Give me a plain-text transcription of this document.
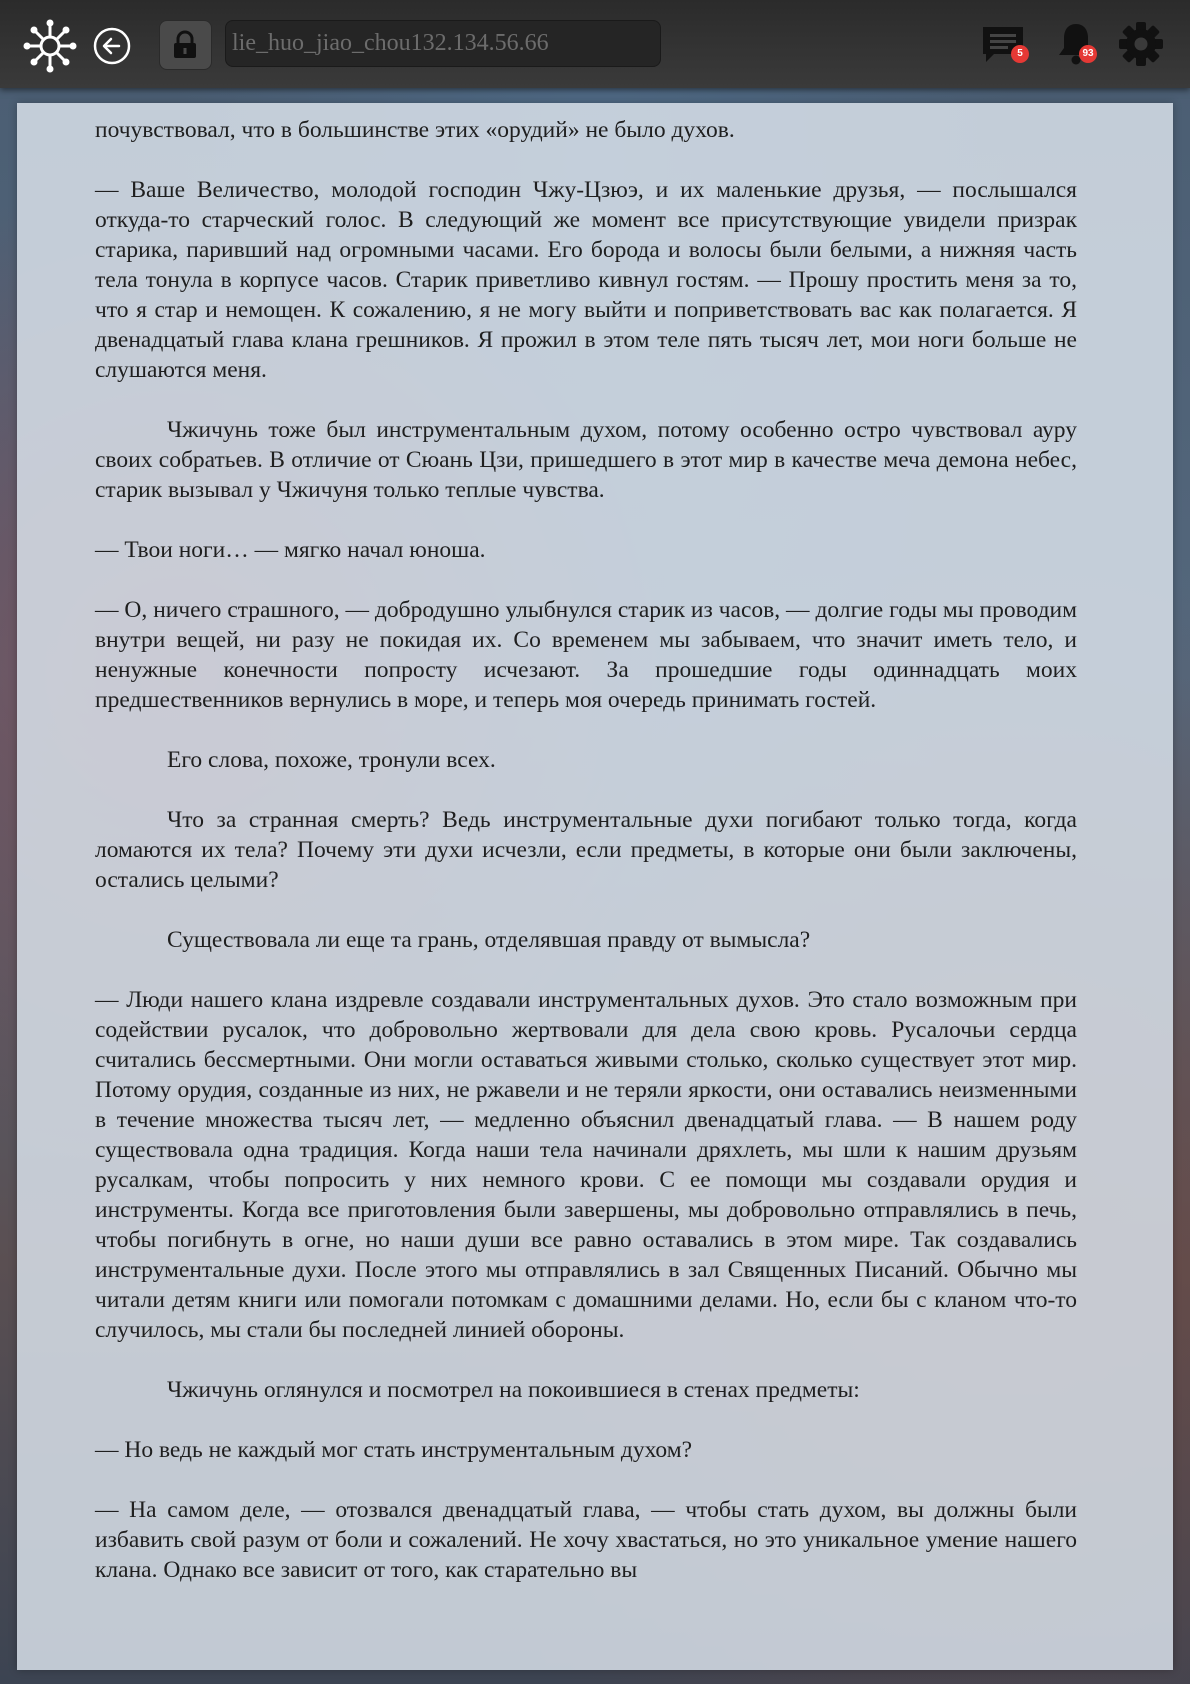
lie_huo_jiao_chou132.134.56.66
5	93

почувствовал, что в большинстве этих «орудий» не было духов.

— Ваше Величество, молодой господин Чжу-Цзюэ, и их маленькие друзья, — послышался откуда-то старческий голос. В следующий же момент все присутствующие увидели призрак старика, паривший над огромными часами. Его борода и волосы были белыми, а нижняя часть тела тонула в корпусе часов. Старик приветливо кивнул гостям. — Прошу простить меня за то, что я стар и немощен. К сожалению, я не могу выйти и поприветствовать вас как полагается. Я двенадцатый глава клана грешников. Я прожил в этом теле пять тысяч лет, мои ноги больше не слушаются меня.

Чжичунь тоже был инструментальным духом, потому особенно остро чувствовал ауру своих собратьев. В отличие от Сюань Цзи, пришедшего в этот мир в качестве меча демона небес, старик вызывал у Чжичуня только теплые чувства.

— Твои ноги… — мягко начал юноша.

— О, ничего страшного, — добродушно улыбнулся старик из часов, — долгие годы мы проводим внутри вещей, ни разу не покидая их. Со временем мы забываем, что значит иметь тело, и ненужные конечности попросту исчезают. За прошедшие годы одиннадцать моих предшественников вернулись в море, и теперь моя очередь принимать гостей.

Его слова, похоже, тронули всех.

Что за странная смерть? Ведь инструментальные духи погибают только тогда, когда ломаются их тела? Почему эти духи исчезли, если предметы, в которые они были заключены, остались целыми?

Существовала ли еще та грань, отделявшая правду от вымысла?

— Люди нашего клана издревле создавали инструментальных духов. Это стало возможным при содействии русалок, что добровольно жертвовали для дела свою кровь. Русалочьи сердца считались бессмертными. Они могли оставаться живыми столько, сколько существует этот мир. Потому орудия, созданные из них, не ржавели и не теряли яркости, они оставались неизменными в течение множества тысяч лет, — медленно объяснил двенадцатый глава. — В нашем роду существовала одна традиция. Когда наши тела начинали дряхлеть, мы шли к нашим друзьям русалкам, чтобы попросить у них немного крови. С ее помощи мы создавали орудия и инструменты. Когда все приготовления были завершены, мы добровольно отправлялись в печь, чтобы погибнуть в огне, но наши души все равно оставались в этом мире. Так создавались инструментальные духи. После этого мы отправлялись в зал Священных Писаний. Обычно мы читали детям книги или помогали потомкам с домашними делами. Но, если бы с кланом что-то случилось, мы стали бы последней линией обороны.

Чжичунь оглянулся и посмотрел на покоившиеся в стенах предметы:

— Но ведь не каждый мог стать инструментальным духом?

— На самом деле, — отозвался двенадцатый глава, — чтобы стать духом, вы должны были избавить свой разум от боли и сожалений. Не хочу хвастаться, но это уникальное умение нашего клана. Однако все зависит от того, как старательно вы
